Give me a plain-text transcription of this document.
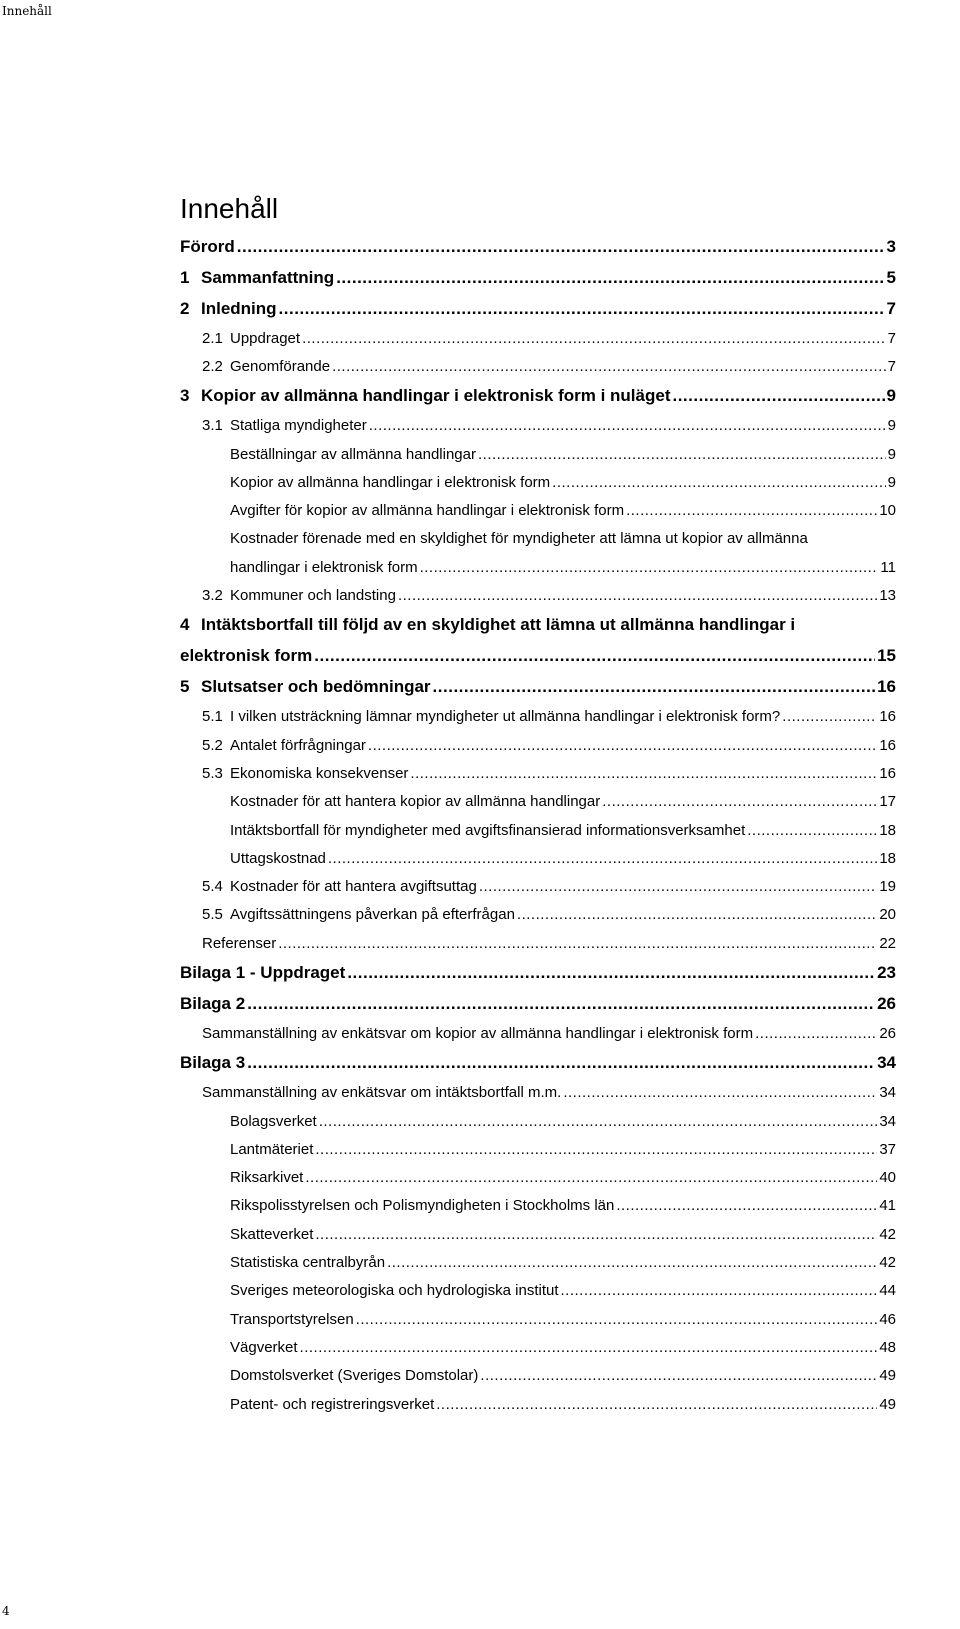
Innehåll
Innehåll
Förord .....	3
1 Sammanfattning .....	5
2 Inledning .....	7
2.1 Uppdraget .....	7
2.2 Genomförande .....	7
3 Kopior av allmänna handlingar i elektronisk form i nuläget .....	9
3.1 Statliga myndigheter .....	9
Beställningar av allmänna handlingar .....	9
Kopior av allmänna handlingar i elektronisk form .....	9
Avgifter för kopior av allmänna handlingar i elektronisk form .....	10
Kostnader förenade med en skyldighet för myndigheter att lämna ut kopior av allmänna
handlingar i elektronisk form .....	11
3.2 Kommuner och landsting .....	13
4 Intäktsbortfall till följd av en skyldighet att lämna ut allmänna handlingar i
elektronisk form .....	15
5 Slutsatser och bedömningar .....	16
5.1 I vilken utsträckning lämnar myndigheter ut allmänna handlingar i elektronisk form? .....	16
5.2 Antalet förfrågningar .....	16
5.3 Ekonomiska konsekvenser .....	16
Kostnader för att hantera kopior av allmänna handlingar .....	17
Intäktsbortfall för myndigheter med avgiftsfinansierad informationsverksamhet .....	18
Uttagskostnad .....	18
5.4 Kostnader för att hantera avgiftsuttag .....	19
5.5 Avgiftssättningens påverkan på efterfrågan .....	20
Referenser .....	22
Bilaga 1 - Uppdraget .....	23
Bilaga 2 .....	26
Sammanställning av enkätsvar om kopior av allmänna handlingar i elektronisk form .....	26
Bilaga 3 .....	34
Sammanställning av enkätsvar om intäktsbortfall m.m. .....	34
Bolagsverket .....	34
Lantmäteriet .....	37
Riksarkivet .....	40
Rikspolisstyrelsen och Polismyndigheten i Stockholms län .....	41
Skatteverket .....	42
Statistiska centralbyrån .....	42
Sveriges meteorologiska och hydrologiska institut .....	44
Transportstyrelsen .....	46
Vägverket .....	48
Domstolsverket (Sveriges Domstolar) .....	49
Patent- och registreringsverket .....	49
4
